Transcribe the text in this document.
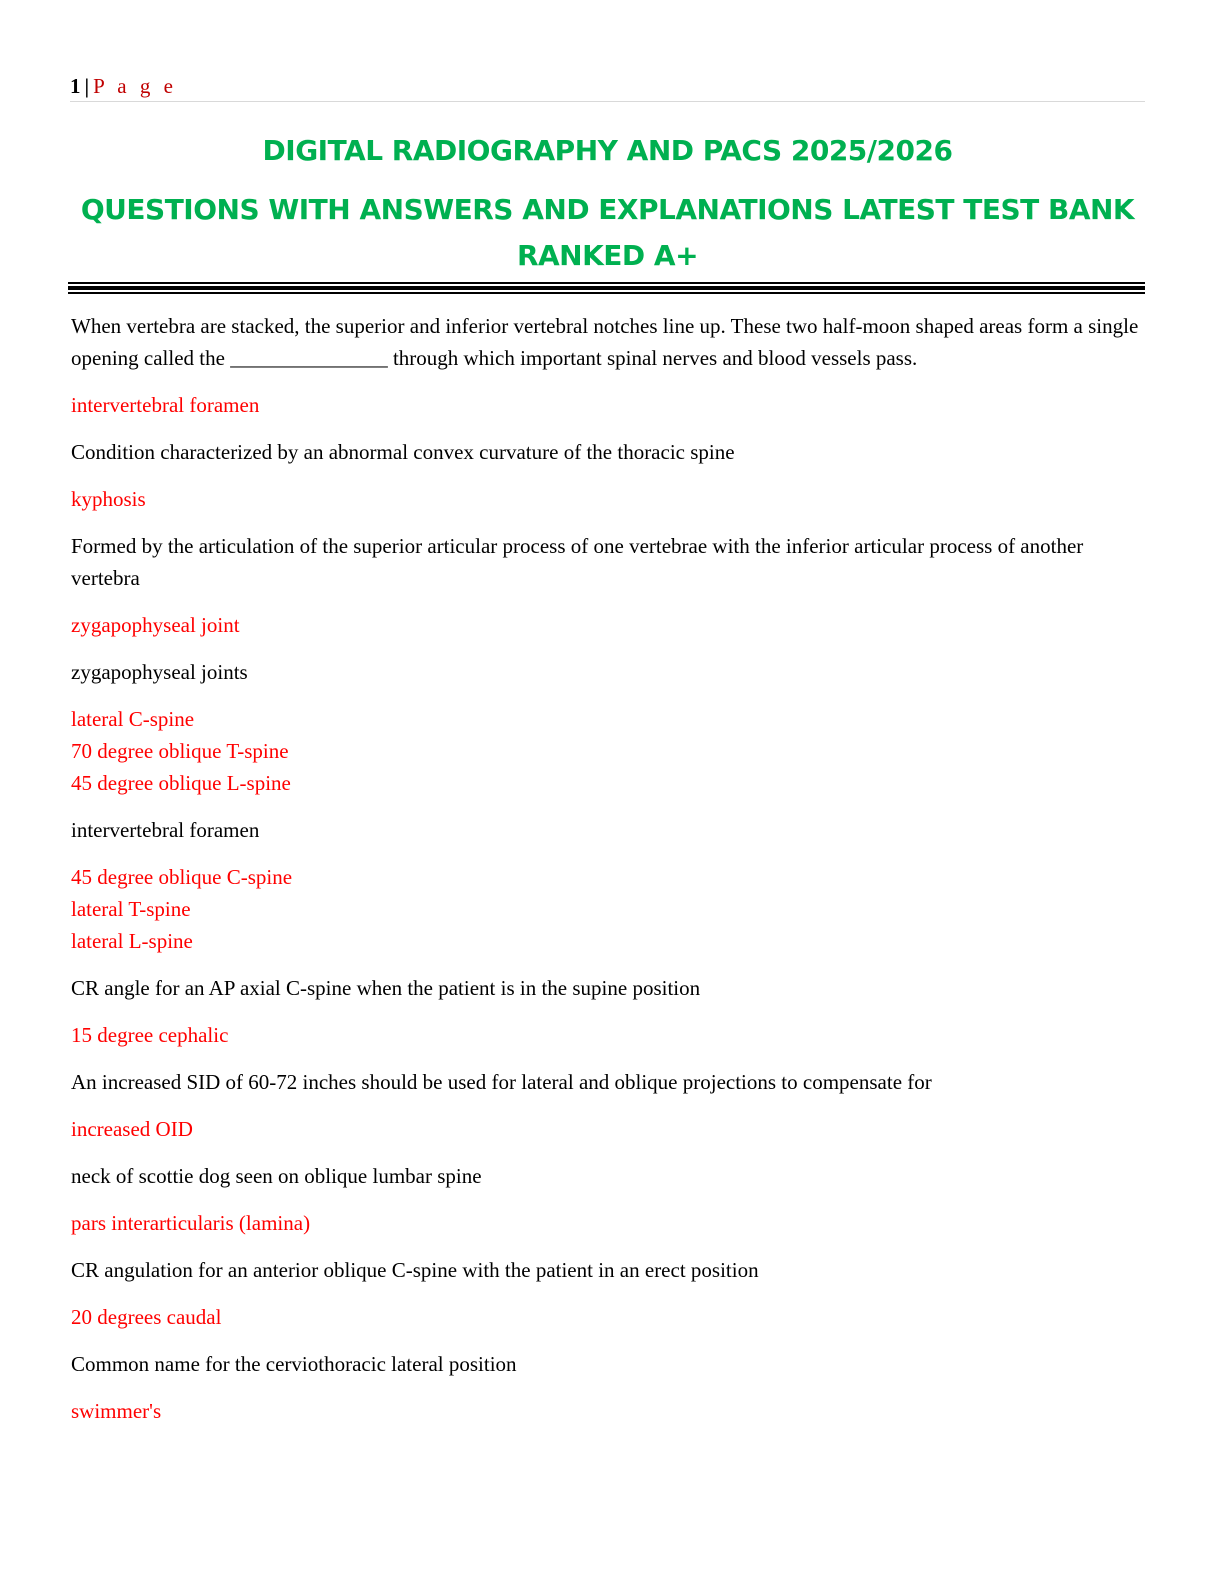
1 | P a g e
DIGITAL RADIOGRAPHY AND PACS 2025/2026
QUESTIONS WITH ANSWERS AND EXPLANATIONS LATEST TEST BANK RANKED A+

When vertebra are stacked, the superior and inferior vertebral notches line up. These two half-moon shaped areas form a single opening called the _______________ through which important spinal nerves and blood vessels pass.

intervertebral foramen

Condition characterized by an abnormal convex curvature of the thoracic spine

kyphosis

Formed by the articulation of the superior articular process of one vertebrae with the inferior articular process of another vertebra

zygapophyseal joint

zygapophyseal joints

lateral C-spine
70 degree oblique T-spine
45 degree oblique L-spine

intervertebral foramen

45 degree oblique C-spine
lateral T-spine
lateral L-spine

CR angle for an AP axial C-spine when the patient is in the supine position

15 degree cephalic

An increased SID of 60-72 inches should be used for lateral and oblique projections to compensate for

increased OID

neck of scottie dog seen on oblique lumbar spine

pars interarticularis (lamina)

CR angulation for an anterior oblique C-spine with the patient in an erect position

20 degrees caudal

Common name for the cerviothoracic lateral position

swimmer's
